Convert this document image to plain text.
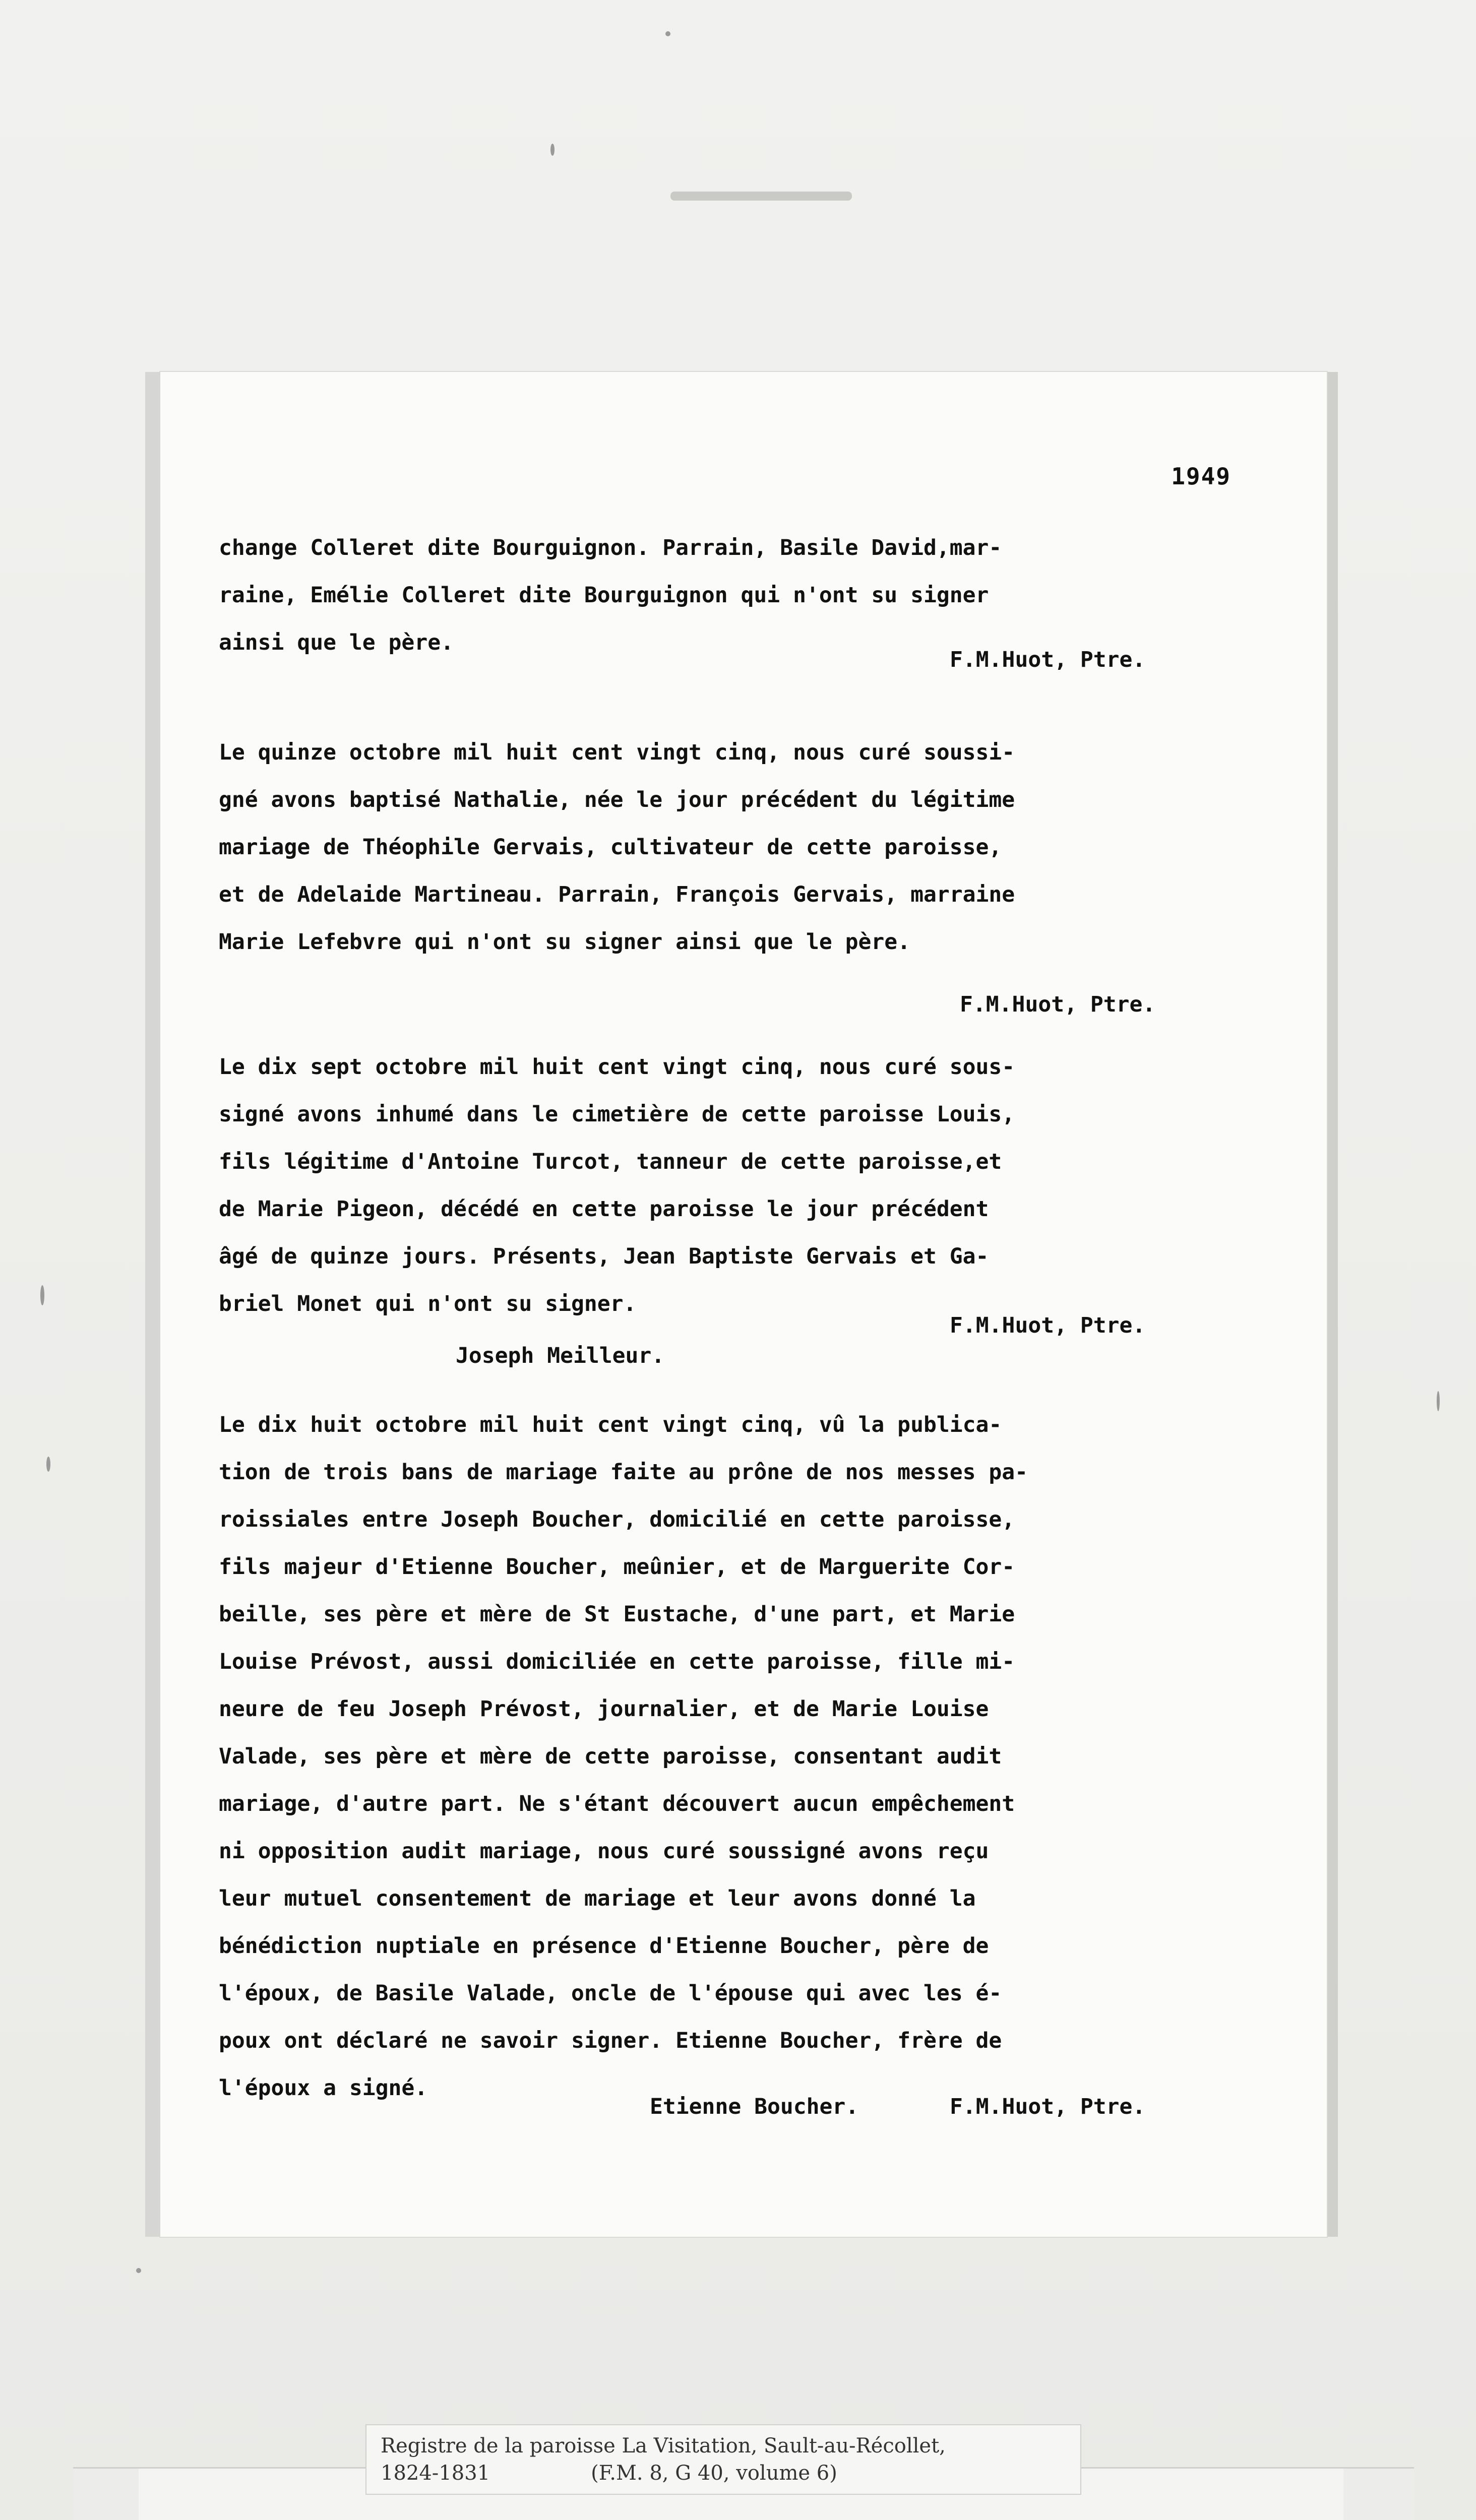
1949
change Colleret dite Bourguignon. Parrain, Basile David,mar-
raine, Emélie Colleret dite Bourguignon qui n'ont su signer
ainsi que le père.
F.M.Huot, Ptre.
Le quinze octobre mil huit cent vingt cinq, nous curé soussi-
gné avons baptisé Nathalie, née le jour précédent du légitime
mariage de Théophile Gervais, cultivateur de cette paroisse,
et de Adelaide Martineau. Parrain, François Gervais, marraine
Marie Lefebvre qui n'ont su signer ainsi que le père.
F.M.Huot, Ptre.
Le dix sept octobre mil huit cent vingt cinq, nous curé sous-
signé avons inhumé dans le cimetière de cette paroisse Louis,
fils légitime d'Antoine Turcot, tanneur de cette paroisse,et
de Marie Pigeon, décédé en cette paroisse le jour précédent
âgé de quinze jours. Présents, Jean Baptiste Gervais et Ga-
briel Monet qui n'ont su signer.
F.M.Huot, Ptre.
Joseph Meilleur.
Le dix huit octobre mil huit cent vingt cinq, vû la publica-
tion de trois bans de mariage faite au prône de nos messes pa-
roissiales entre Joseph Boucher, domicilié en cette paroisse,
fils majeur d'Etienne Boucher, meûnier, et de Marguerite Cor-
beille, ses père et mère de St Eustache, d'une part, et Marie
Louise Prévost, aussi domiciliée en cette paroisse, fille mi-
neure de feu Joseph Prévost, journalier, et de Marie Louise
Valade, ses père et mère de cette paroisse, consentant audit
mariage, d'autre part. Ne s'étant découvert aucun empêchement
ni opposition audit mariage, nous curé soussigné avons reçu
leur mutuel consentement de mariage et leur avons donné la
bénédiction nuptiale en présence d'Etienne Boucher, père de
l'époux, de Basile Valade, oncle de l'épouse qui avec les é-
poux ont déclaré ne savoir signer. Etienne Boucher, frère de
l'époux a signé.
Etienne Boucher.	F.M.Huot, Ptre.
Registre de la paroisse La Visitation, Sault-au-Récollet,
1824-1831	(F.M. 8, G 40, volume 6)
